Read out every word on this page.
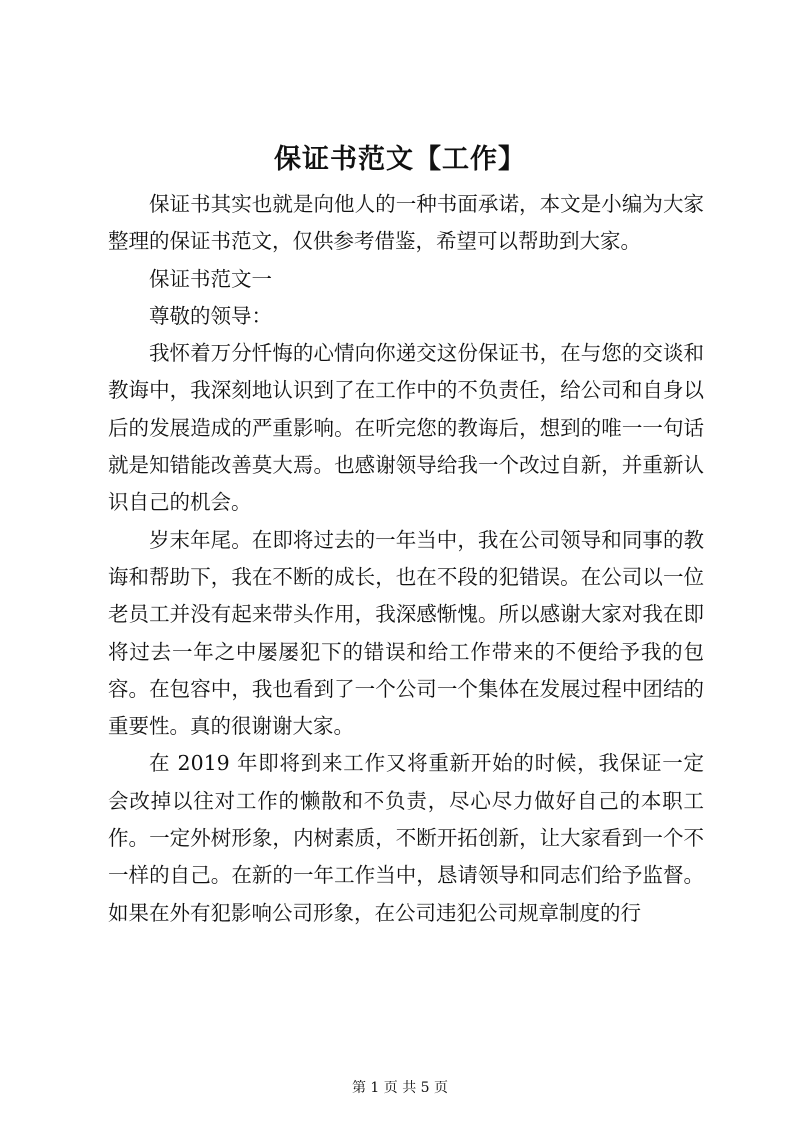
保证书范文【工作】

保证书其实也就是向他人的一种书面承诺，本文是小编为大家整理的保证书范文，仅供参考借鉴，希望可以帮助到大家。

保证书范文一

尊敬的领导：

我怀着万分忏悔的心情向你递交这份保证书，在与您的交谈和教诲中，我深刻地认识到了在工作中的不负责任，给公司和自身以后的发展造成的严重影响。在听完您的教诲后，想到的唯一一句话就是知错能改善莫大焉。也感谢领导给我一个改过自新，并重新认识自己的机会。

岁末年尾。在即将过去的一年当中，我在公司领导和同事的教诲和帮助下，我在不断的成长，也在不段的犯错误。在公司以一位老员工并没有起来带头作用，我深感惭愧。所以感谢大家对我在即将过去一年之中屡屡犯下的错误和给工作带来的不便给予我的包容。在包容中，我也看到了一个公司一个集体在发展过程中团结的重要性。真的很谢谢大家。

在 2019 年即将到来工作又将重新开始的时候，我保证一定会改掉以往对工作的懒散和不负责，尽心尽力做好自己的本职工作。一定外树形象，内树素质，不断开拓创新，让大家看到一个不一样的自己。在新的一年工作当中，恳请领导和同志们给予监督。如果在外有犯影响公司形象，在公司违犯公司规章制度的行

第 1 页 共 5 页
